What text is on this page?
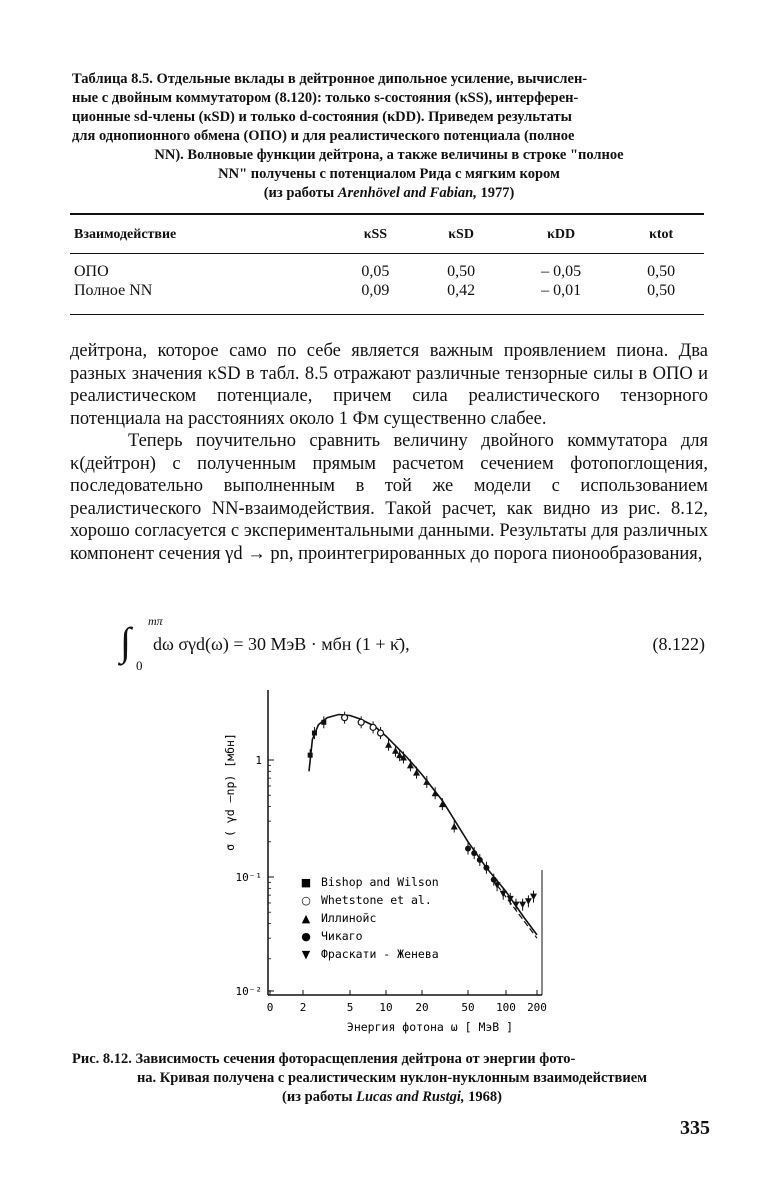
Таблица 8.5. Отдельные вклады в дейтронное дипольное усиление, вычислен-
ные с двойным коммутатором (8.120): только s-состояния (κSS), интерферен-
ционные sd-члены (κSD) и только d-состояния (κDD). Приведем результаты
для однопионного обмена (ОПО) и для реалистического потенциала (полное
NN). Волновые функции дейтрона, а также величины в строке "полное
NN" получены с потенциалом Рида с мягким кором
(из работы Arenhövel and Fabian, 1977)
Взаимодействие	κSS	κSD	κDD	κtot
ОПО	0,05	0,50	– 0,05	0,50
Полное NN	0,09	0,42	– 0,01	0,50

дейтрона, которое само по себе является важным проявлением пиона. Два разных значения κSD в табл. 8.5 отражают различные тензорные силы в ОПО и реалистическом потенциале, причем сила реалистического тензорного потенциала на расстояниях около 1 Фм существенно слабее.

Теперь поучительно сравнить величину двойного коммутатора для κ(дейтрон) с полученным прямым расчетом сечением фотопоглощения, последовательно выполненным в той же модели с использованием реалистического NN-взаимодействия. Такой расчет, как видно из рис. 8.12, хорошо согласуется с экспериментальными данными. Результаты для различных компонент сечения γd → pn, проинтегрированных до порога пионообразования,

∫ mπ
0
dω σγd(ω) = 30 МэВ · мбн (1 + κ̄),	(8.122)
0 2	5 10 20	50 100 200
1
10⁻¹
10⁻²
■ Bishop and Wilson
○ Whetstone et al.
▲ Иллинойс
● Чикаго
▼ Фраскати - Женева
Энергия фотона ω [ МэВ ]
σ ( γd —np) [мбн]
Рис. 8.12. Зависимость сечения фоторасщепления дейтрона от энергии фото-
на. Кривая получена с реалистическим нуклон-нуклонным взаимодействием
(из работы Lucas and Rustgi, 1968)
335
